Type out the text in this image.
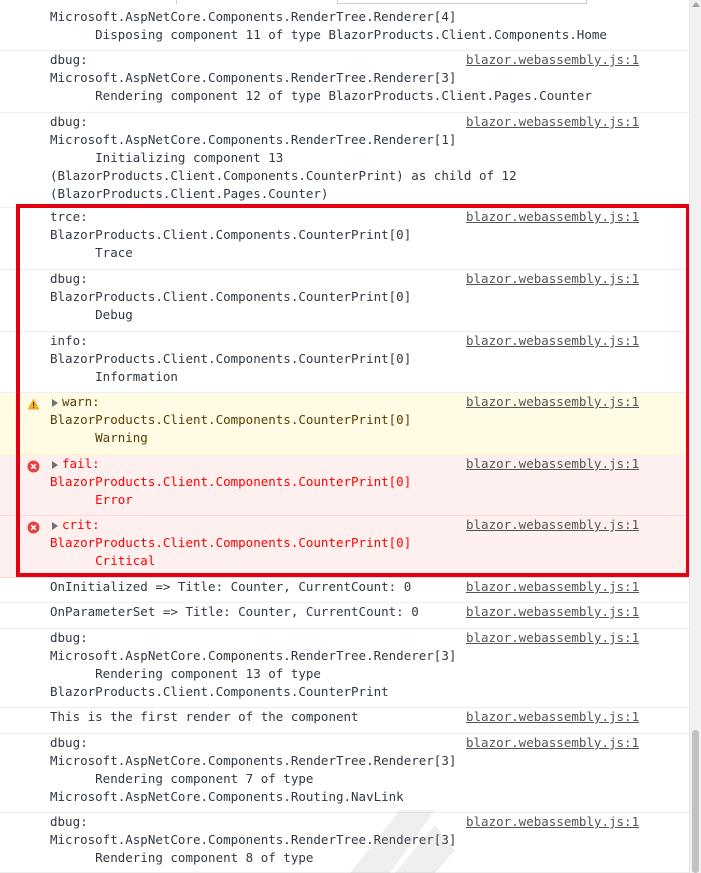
Microsoft.AspNetCore.Components.RenderTree.Renderer[4]
Disposing component 11 of type BlazorProducts.Client.Components.Home
dbug:
Microsoft.AspNetCore.Components.RenderTree.Renderer[3]
Rendering component 12 of type BlazorProducts.Client.Pages.Counter
blazor.webassembly.js:1
dbug:
Microsoft.AspNetCore.Components.RenderTree.Renderer[1]
Initializing component 13
(BlazorProducts.Client.Components.CounterPrint) as child of 12
(BlazorProducts.Client.Pages.Counter)
blazor.webassembly.js:1
trce:
BlazorProducts.Client.Components.CounterPrint[0]
Trace
blazor.webassembly.js:1
dbug:
BlazorProducts.Client.Components.CounterPrint[0]
Debug
blazor.webassembly.js:1
info:
BlazorProducts.Client.Components.CounterPrint[0]
Information
blazor.webassembly.js:1
warn:
BlazorProducts.Client.Components.CounterPrint[0]
Warning
blazor.webassembly.js:1
fail:
BlazorProducts.Client.Components.CounterPrint[0]
Error
blazor.webassembly.js:1
crit:
BlazorProducts.Client.Components.CounterPrint[0]
Critical
blazor.webassembly.js:1
OnInitialized => Title: Counter, CurrentCount: 0	blazor.webassembly.js:1
OnParameterSet => Title: Counter, CurrentCount: 0	blazor.webassembly.js:1
dbug:
Microsoft.AspNetCore.Components.RenderTree.Renderer[3]
Rendering component 13 of type
BlazorProducts.Client.Components.CounterPrint
blazor.webassembly.js:1
This is the first render of the component	blazor.webassembly.js:1
dbug:
Microsoft.AspNetCore.Components.RenderTree.Renderer[3]
Rendering component 7 of type
Microsoft.AspNetCore.Components.Routing.NavLink
blazor.webassembly.js:1
dbug:
Microsoft.AspNetCore.Components.RenderTree.Renderer[3]
Rendering component 8 of type
blazor.webassembly.js:1
